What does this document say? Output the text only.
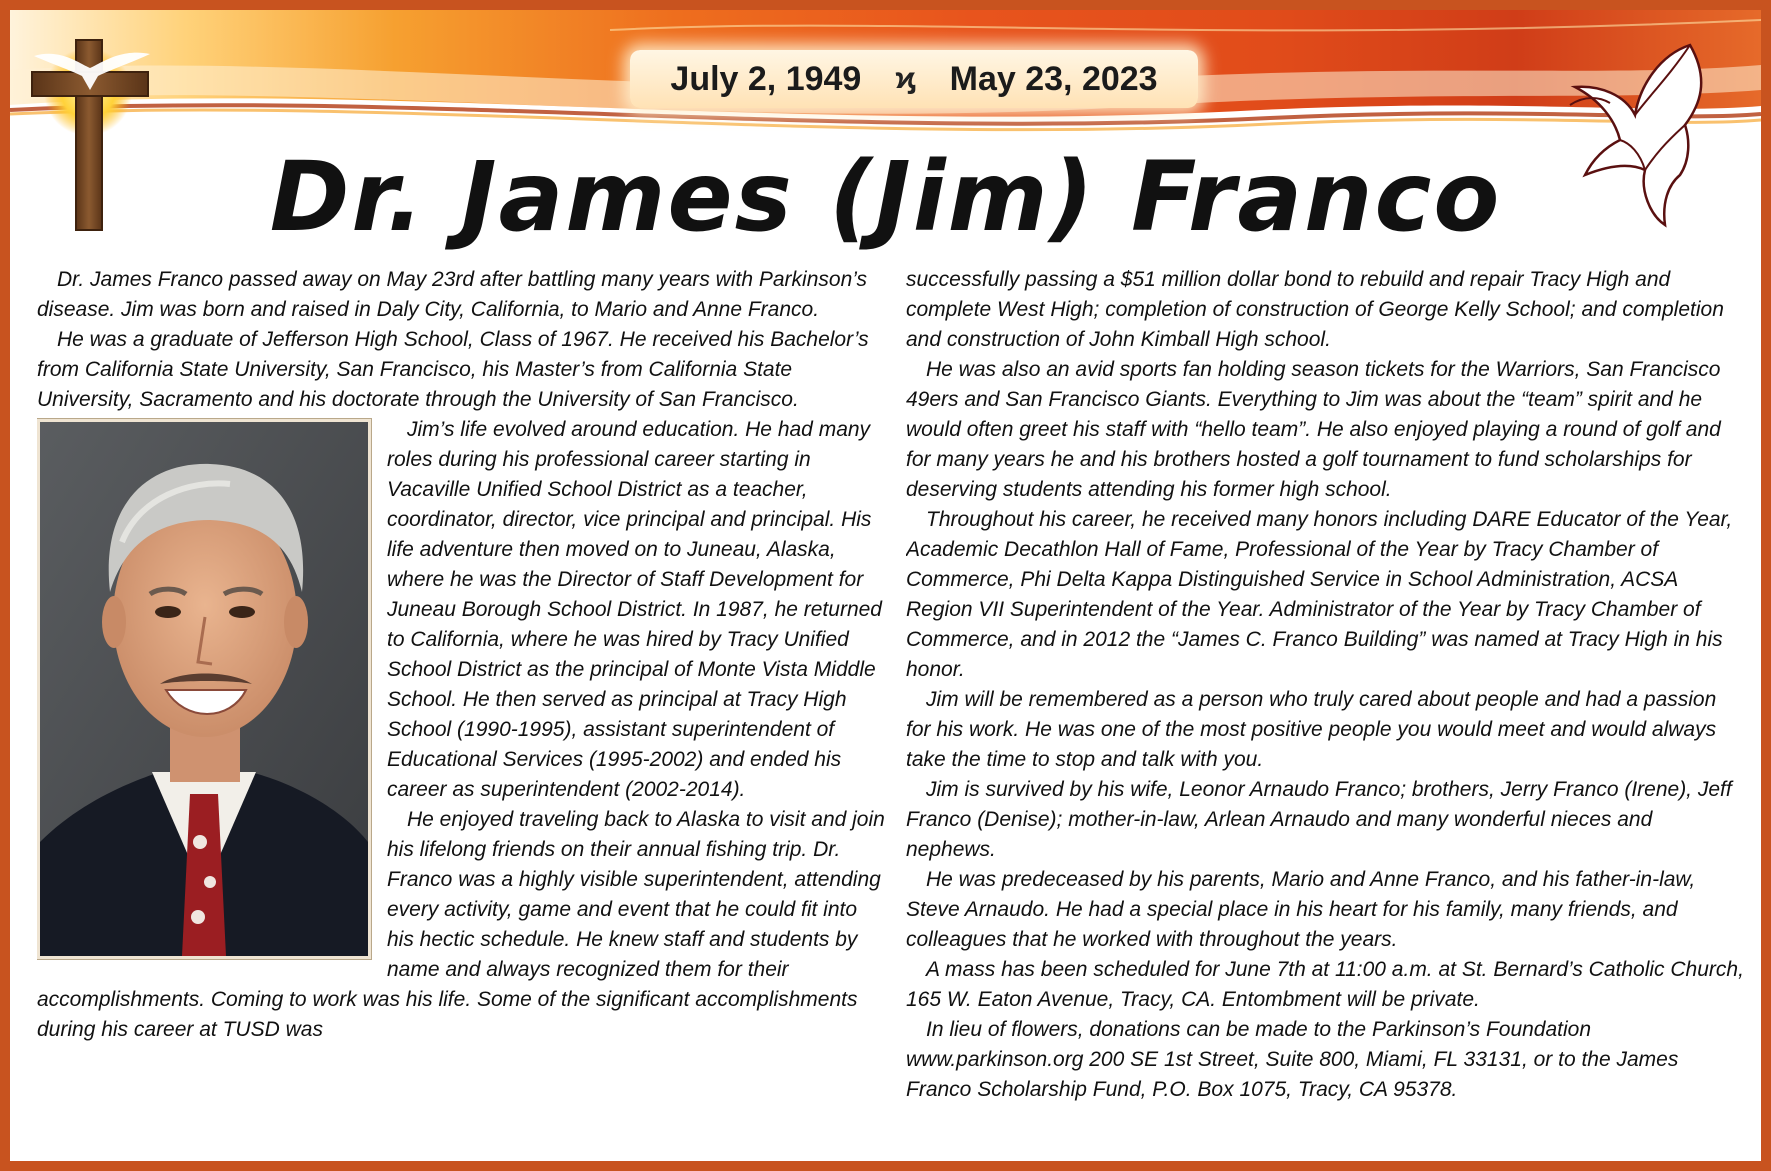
July 2, 1949 ϗ May 23, 2023
Dr. James (Jim) Franco

Dr. James Franco passed away on May 23rd after battling many years with Parkinson’s disease. Jim was born and raised in Daly City, California, to Mario and Anne Franco.

He was a graduate of Jefferson High School, Class of 1967. He received his Bachelor’s from California State University, San Francisco, his Master’s from California State University, Sacramento and his doctorate through the University of San Francisco.

Jim’s life evolved around education. He had many roles during his professional career starting in Vacaville Unified School District as a teacher, coordinator, director, vice principal and principal. His life adventure then moved on to Juneau, Alaska, where he was the Director of Staff Development for Juneau Borough School District. In 1987, he returned to California, where he was hired by Tracy Unified School District as the principal of Monte Vista Middle School. He then served as principal at Tracy High School (1990-1995), assistant superintendent of Educational Services (1995-2002) and ended his career as superintendent (2002-2014).

He enjoyed traveling back to Alaska to visit and join his lifelong friends on their annual fishing trip. Dr. Franco was a highly visible superintendent, attending every activity, game and event that he could fit into his hectic schedule. He knew staff and students by name and always recognized them for their accomplishments. Coming to work was his life. Some of the significant accomplishments during his career at TUSD was

successfully passing a $51 million dollar bond to rebuild and repair Tracy High and complete West High; completion of construction of George Kelly School; and completion and construction of John Kimball High school.

He was also an avid sports fan holding season tickets for the Warriors, San Francisco 49ers and San Francisco Giants. Everything to Jim was about the “team” spirit and he would often greet his staff with “hello team”. He also enjoyed playing a round of golf and for many years he and his brothers hosted a golf tournament to fund scholarships for deserving students attending his former high school.

Throughout his career, he received many honors including DARE Educator of the Year, Academic Decathlon Hall of Fame, Professional of the Year by Tracy Chamber of Commerce, Phi Delta Kappa Distinguished Service in School Administration, ACSA Region VII Superintendent of the Year. Administrator of the Year by Tracy Chamber of Commerce, and in 2012 the “James C. Franco Building” was named at Tracy High in his honor.

Jim will be remembered as a person who truly cared about people and had a passion for his work. He was one of the most positive people you would meet and would always take the time to stop and talk with you.

Jim is survived by his wife, Leonor Arnaudo Franco; brothers, Jerry Franco (Irene), Jeff Franco (Denise); mother-in-law, Arlean Arnaudo and many wonderful nieces and nephews.

He was predeceased by his parents, Mario and Anne Franco, and his father-in-law, Steve Arnaudo. He had a special place in his heart for his family, many friends, and colleagues that he worked with throughout the years.

A mass has been scheduled for June 7th at 11:00 a.m. at St. Bernard’s Catholic Church, 165 W. Eaton Avenue, Tracy, CA. Entombment will be private.

In lieu of flowers, donations can be made to the Parkinson’s Foundation www.parkinson.org 200 SE 1st Street, Suite 800, Miami, FL 33131, or to the James Franco Scholarship Fund, P.O. Box 1075, Tracy, CA 95378.
